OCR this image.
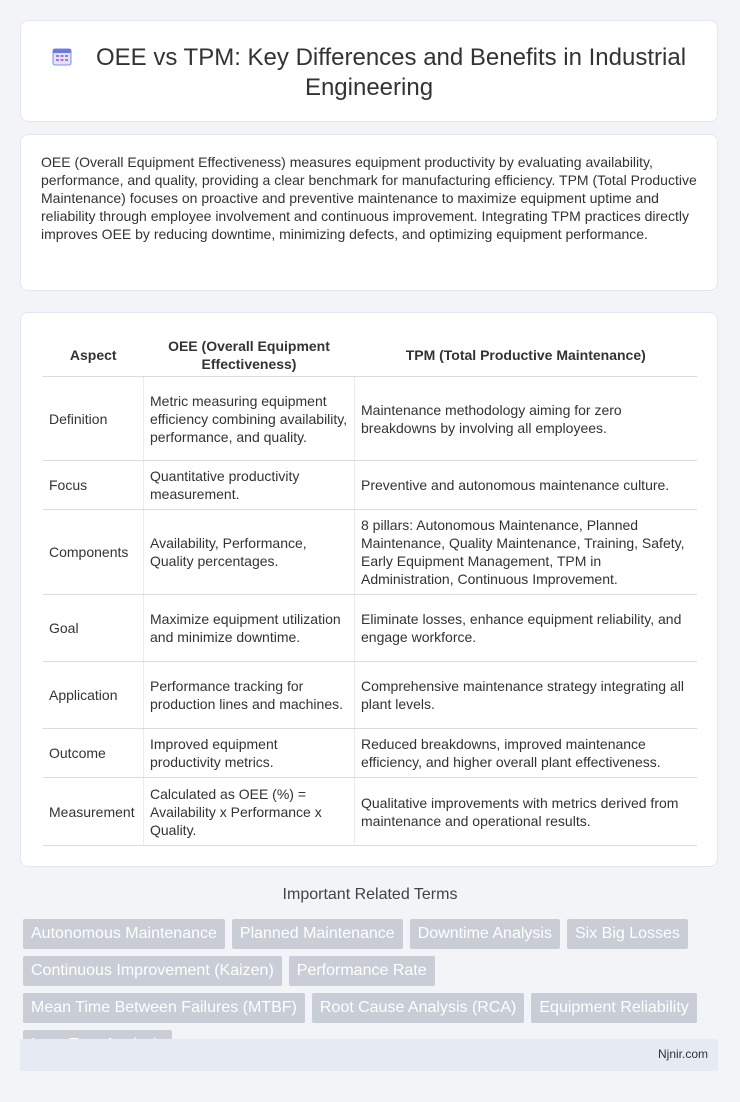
OEE vs TPM: Key Differences and Benefits in Industrial Engineering
OEE (Overall Equipment Effectiveness) measures equipment productivity by evaluating availability, performance, and quality, providing a clear benchmark for manufacturing efficiency. TPM (Total Productive Maintenance) focuses on proactive and preventive maintenance to maximize equipment uptime and reliability through employee involvement and continuous improvement. Integrating TPM practices directly improves OEE by reducing downtime, minimizing defects, and optimizing equipment performance.
Aspect	OEE (Overall Equipment Effectiveness)	TPM (Total Productive Maintenance)
Definition	Metric measuring equipment efficiency combining availability, performance, and quality.	Maintenance methodology aiming for zero breakdowns by involving all employees.
Focus	Quantitative productivity measurement.	Preventive and autonomous maintenance culture.
Components	Availability, Performance, Quality percentages.	8 pillars: Autonomous Maintenance, Planned Maintenance, Quality Maintenance, Training, Safety, Early Equipment Management, TPM in Administration, Continuous Improvement.
Goal	Maximize equipment utilization and minimize downtime.	Eliminate losses, enhance equipment reliability, and engage workforce.
Application	Performance tracking for production lines and machines.	Comprehensive maintenance strategy integrating all plant levels.
Outcome	Improved equipment productivity metrics.	Reduced breakdowns, improved maintenance efficiency, and higher overall plant effectiveness.
Measurement	Calculated as OEE (%) = Availability x Performance x Quality.	Qualitative improvements with metrics derived from maintenance and operational results.
Important Related Terms
Autonomous Maintenance	Planned Maintenance	Downtime Analysis	Six Big Losses
Continuous Improvement (Kaizen)	Performance Rate
Mean Time Between Failures (MTBF)	Root Cause Analysis (RCA)	Equipment Reliability
Njnir.com
